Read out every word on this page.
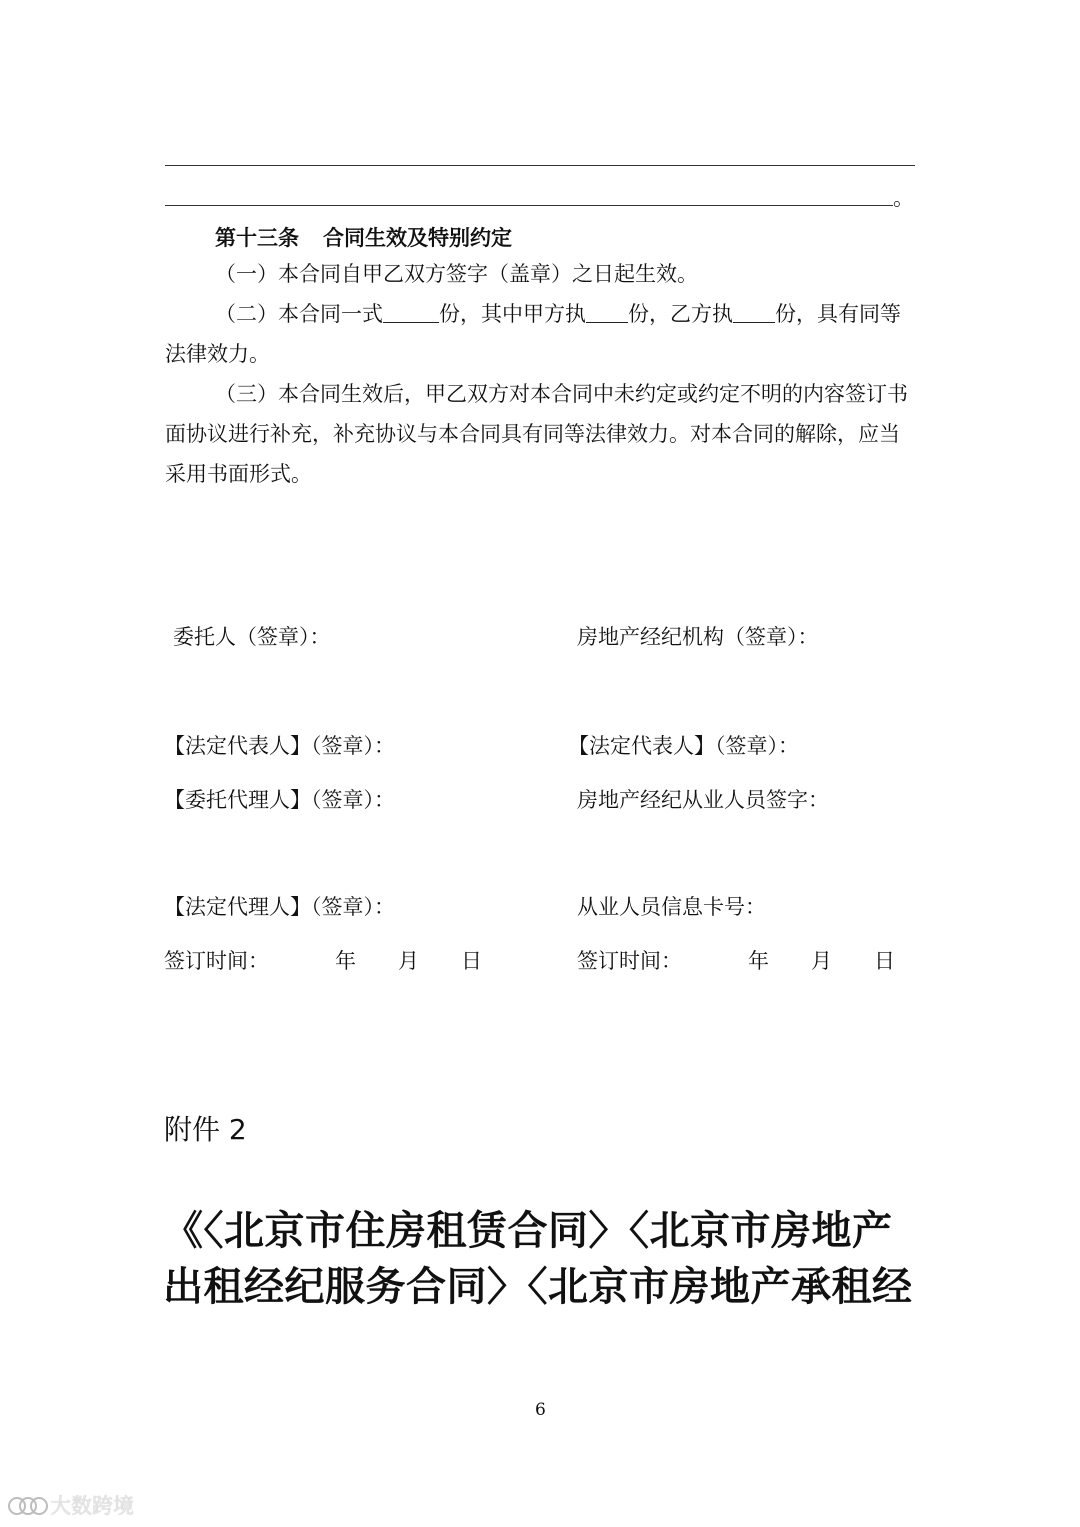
。
第十三条 合同生效及特别约定
（一）本合同自甲乙双方签字（盖章）之日起生效。
（二）本合同一式	份，其中甲方执 份，乙方执 份，具有同等法律效力。
（三）本合同生效后，甲乙双方对本合同中未约定或约定不明的内容签订书面协议进行补充，补充协议与本合同具有同等法律效力。对本合同的解除，应当采用书面形式。
委托人（签章）：	房地产经纪机构（签章）：
【法定代表人】（签章）：	【法定代表人】（签章）：
【委托代理人】（签章）：	房地产经纪从业人员签字：
【法定代理人】（签章）：	从业人员信息卡号：
签订时间：	年 月 日	签订时间：	年 月 日
附件 2
《〈北京市住房租赁合同〉〈北京市房地产
出租经纪服务合同〉〈北京市房地产承租经
6
大数跨境
